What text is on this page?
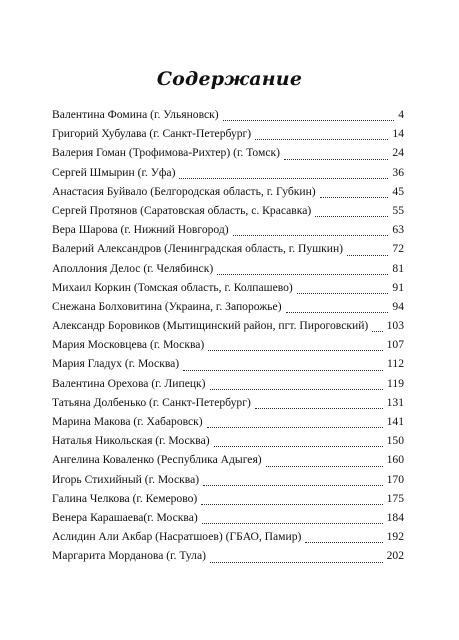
Содержание
Валентина Фомина (г. Ульяновск)	4
Григорий Хубулава (г. Санкт-Петербург)	14
Валерия Гоман (Трофимова-Рихтер) (г. Томск)	24
Сергей Шмырин (г. Уфа)	36
Анастасия Буйвало (Белгородская область, г. Губкин)	45
Сергей Протянов (Саратовская область, с. Красавка)	55
Вера Шарова (г. Нижний Новгород)	63
Валерий Александров (Ленинградская область, г. Пушкин)	72
Аполлония Делос (г. Челябинск)	81
Михаил Коркин (Томская область, г. Колпашево)	91
Снежана Болховитина (Украина, г. Запорожье)	94
Александр Боровиков (Мытищинский район, пгт. Пироговский) 103
Мария Московцева (г. Москва)	107
Мария Гладух (г. Москва)	112
Валентина Орехова (г. Липецк)	119
Татьяна Долбенько (г. Санкт-Петербург)	131
Марина Макова (г. Хабаровск)	141
Наталья Никольская (г. Москва)	150
Ангелина Коваленко (Республика Адыгея)	160
Игорь Стихийный (г. Москва)	170
Галина Челкова (г. Кемерово)	175
Венера Карашаева(г. Москва)	184
Аслидин Али Акбар (Насратшоев) (ГБАО, Памир)	192
Маргарита Морданова (г. Тула)	202
